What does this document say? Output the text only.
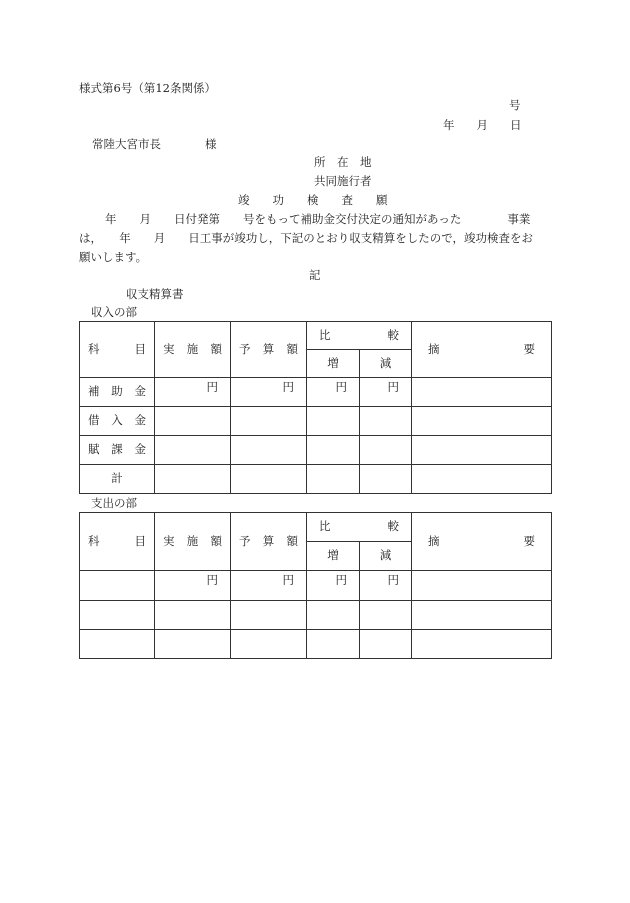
様式第6号（第12条関係）
号
年 月 日
常陸大宮市長	様
所　在　地
共同施行者
竣　　功　　検　　査　　願
　　年　　月　　日付発第　　号をもって補助金交付決定の通知があった　　　　事業
は，　　年　　月　　日工事が竣功し，下記のとおり収支精算をしたので，竣功検査をお
願いします。
記
収支精算書
収入の部
科 目	実 施 額	予 算 額	比 較		摘 要

			増	減	

補 助 金	円	円	円	円	

借 入 金					

賦 課 金					

計					
支出の部
科 目	実 施 額	予 算 額	比 較		摘 要

			増	減	

	円	円	円	円	
